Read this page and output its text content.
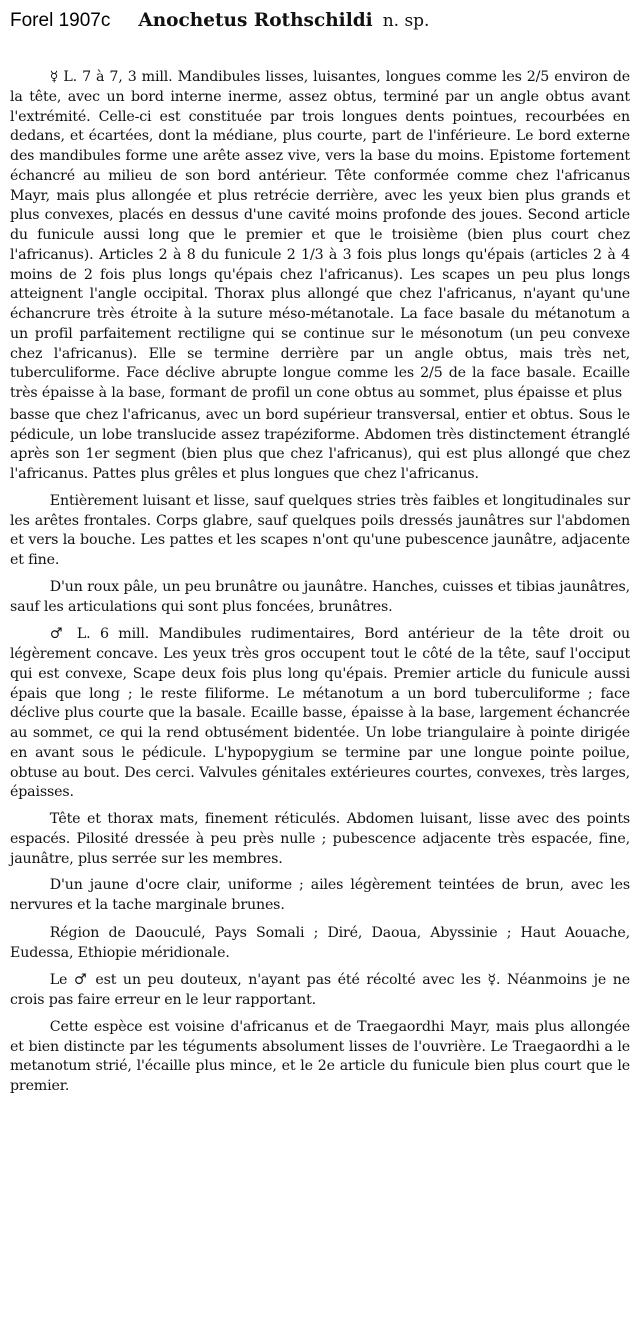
Forel 1907c Anochetus Rothschildi n. sp.

☿ L. 7 à 7, 3 mill. Mandibules lisses, luisantes, longues comme les 2/5 environ de la tête, avec un bord interne inerme, assez obtus, terminé par un angle obtus avant l'extrémité. Celle-ci est constituée par trois longues dents pointues, recourbées en dedans, et écartées, dont la médiane, plus courte, part de l'inférieure. Le bord externe des mandibules forme une arête assez vive, vers la base du moins. Epistome fortement échancré au milieu de son bord antérieur. Tête conformée comme chez l'africanus Mayr, mais plus allongée et plus retrécie derrière, avec les yeux bien plus grands et plus convexes, placés en dessus d'une cavité moins profonde des joues. Second article du funicule aussi long que le premier et que le troisième (bien plus court chez l'africanus). Articles 2 à 8 du funicule 2 1/3 à 3 fois plus longs qu'épais (articles 2 à 4 moins de 2 fois plus longs qu'épais chez l'africanus). Les scapes un peu plus longs atteignent l'angle occipital. Thorax plus allongé que chez l'africanus, n'ayant qu'une échancrure très étroite à la suture méso-métanotale. La face basale du métanotum a un profil parfaitement rectiligne qui se continue sur le mésonotum (un peu convexe chez l'africanus). Elle se termine derrière par un angle obtus, mais très net, tuberculiforme. Face déclive abrupte longue comme les 2/5 de la face basale. Ecaille très épaisse à la base, formant de profil un cone obtus au sommet, plus épaisse et plus

basse que chez l'africanus, avec un bord supérieur transversal, entier et obtus. Sous le pédicule, un lobe translucide assez trapéziforme. Abdomen très distinctement étranglé après son 1er segment (bien plus que chez l'africanus), qui est plus allongé que chez l'africanus. Pattes plus grêles et plus longues que chez l'africanus.

Entièrement luisant et lisse, sauf quelques stries très faibles et longitudinales sur les arêtes frontales. Corps glabre, sauf quelques poils dressés jaunâtres sur l'abdomen et vers la bouche. Les pattes et les scapes n'ont qu'une pubescence jaunâtre, adjacente et fine.

D'un roux pâle, un peu brunâtre ou jaunâtre. Hanches, cuisses et tibias jaunâtres, sauf les articulations qui sont plus foncées, brunâtres.

♂ L. 6 mill. Mandibules rudimentaires, Bord antérieur de la tête droit ou légèrement concave. Les yeux très gros occupent tout le côté de la tête, sauf l'occiput qui est convexe, Scape deux fois plus long qu'épais. Premier article du funicule aussi épais que long ; le reste filiforme. Le métanotum a un bord tuberculiforme ; face déclive plus courte que la basale. Ecaille basse, épaisse à la base, largement échancrée au sommet, ce qui la rend obtusément bidentée. Un lobe triangulaire à pointe dirigée en avant sous le pédicule. L'hypopygium se termine par une longue pointe poilue, obtuse au bout. Des cerci. Valvules génitales extérieures courtes, convexes, très larges, épaisses.

Tête et thorax mats, finement réticulés. Abdomen luisant, lisse avec des points espacés. Pilosité dressée à peu près nulle ; pubescence adjacente très espacée, fine, jaunâtre, plus serrée sur les membres.

D'un jaune d'ocre clair, uniforme ; ailes légèrement teintées de brun, avec les nervures et la tache marginale brunes.

Région de Daouculé, Pays Somali ; Diré, Daoua, Abyssinie ; Haut Aouache, Eudessa, Ethiopie méridionale.

Le ♂ est un peu douteux, n'ayant pas été récolté avec les ☿. Néanmoins je ne crois pas faire erreur en le leur rapportant.

Cette espèce est voisine d'africanus et de Traegaordhi Mayr, mais plus allongée et bien distincte par les téguments absolument lisses de l'ouvrière. Le Traegaordhi a le metanotum strié, l'écaille plus mince, et le 2e article du funicule bien plus court que le premier.
